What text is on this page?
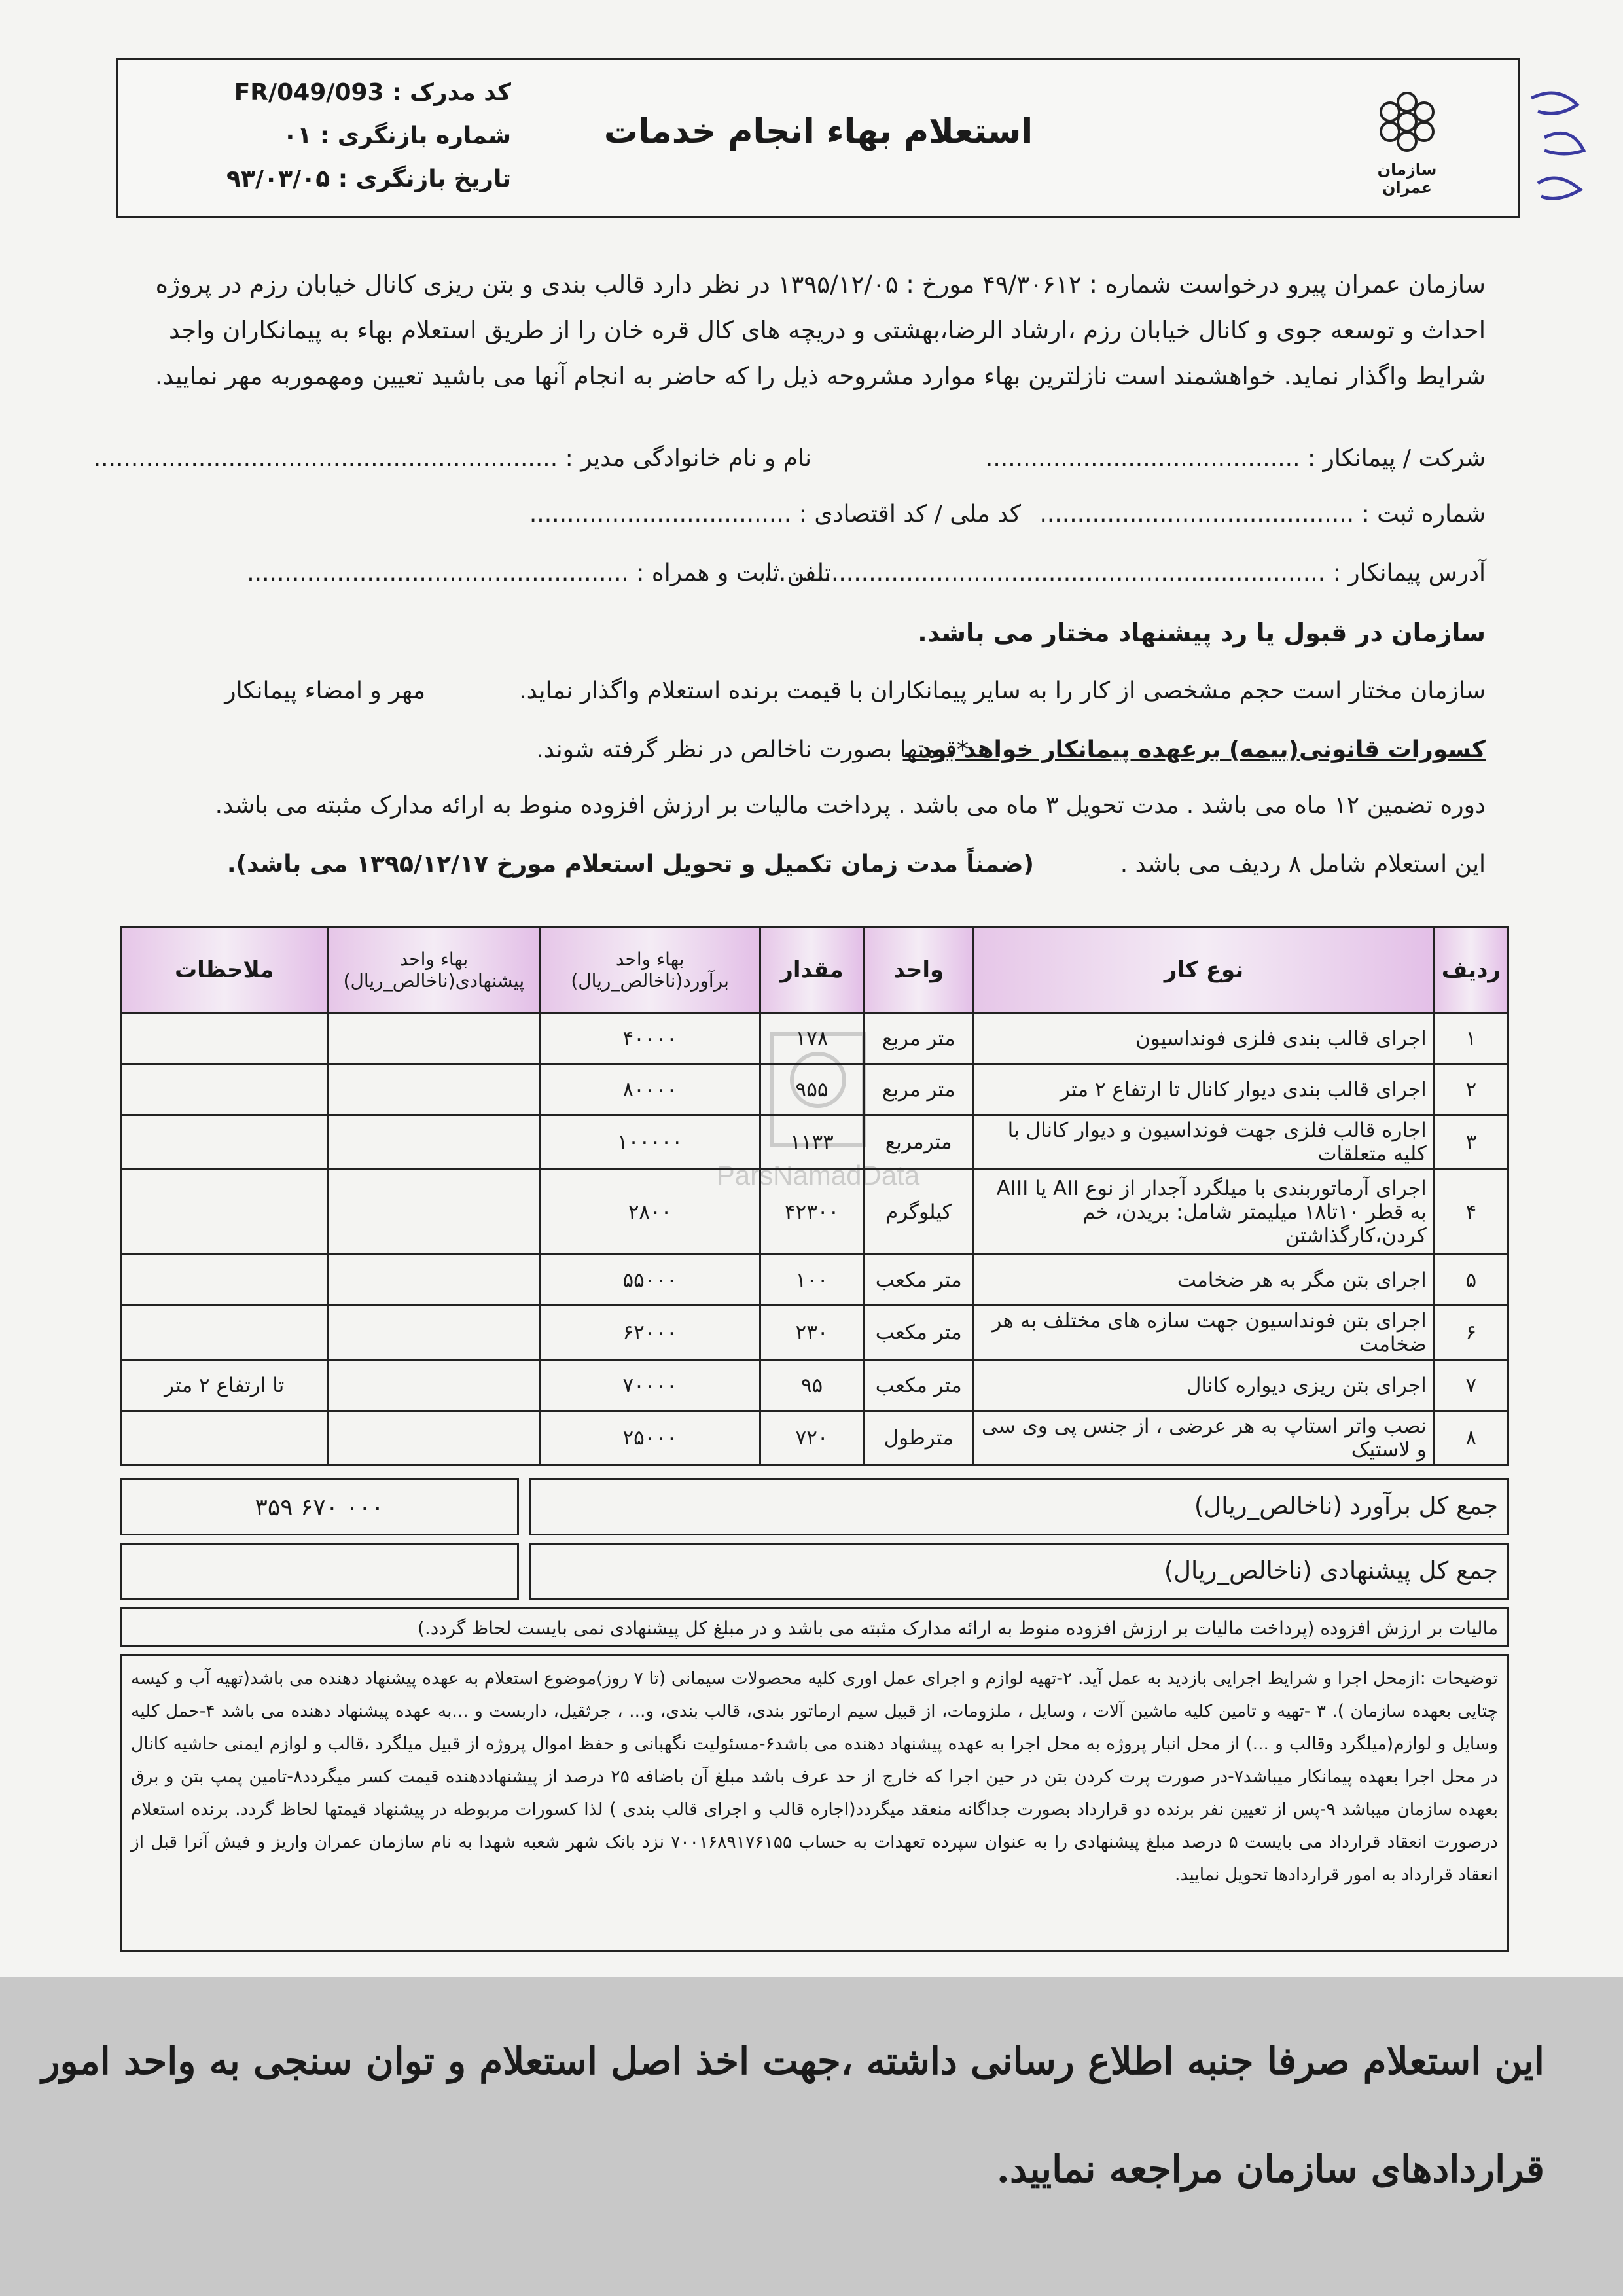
کد مدرک : FR/049/093
شماره بازنگری : ۰۱
تاریخ بازنگری : ۹۳/۰۳/۰۵
استعلام بهاء انجام خدمات
سازمان عمران
سازمان عمران پیرو درخواست شماره : ۴۹/۳۰۶۱۲ مورخ : ۱۳۹۵/۱۲/۰۵ در نظر دارد قالب بندی و بتن ریزی کانال خیابان رزم در پروژه احداث و توسعه جوی و کانال خیابان رزم ،ارشاد الرضا،بهشتی و دریچه های کال قره خان را از طریق استعلام بهاء به پیمانکاران واجد شرایط واگذار نماید. خواهشمند است نازلترین بهاء موارد مشروحه ذیل را که حاضر به انجام آنها می باشید تعیین ومهموربه مهر نمایید.
شرکت / پیمانکار : ..........................................
نام و نام خانوادگی مدیر : ..............................................................
شماره ثبت : ..........................................
کد ملی / کد اقتصادی : ...................................
آدرس پیمانکار : ...........................................................................
تلفن ثابت و همراه : ...................................................
سازمان در قبول یا رد پیشنهاد مختار می باشد.
سازمان مختار است حجم مشخصی از کار را به سایر پیمانکاران با قیمت برنده استعلام واگذار نماید.
مهر و امضاء پیمانکار
کسورات قانونی(بیمه) برعهده پیمانکار خواهد بود .
*قیمتها بصورت ناخالص در نظر گرفته شوند.
دوره تضمین ۱۲ ماه می باشد . مدت تحویل ۳ ماه می باشد . پرداخت مالیات بر ارزش افزوده منوط به ارائه مدارک مثبته می باشد.
این استعلام شامل ۸ ردیف می باشد .
(ضمناً مدت زمان تکمیل و تحویل استعلام مورخ ۱۳۹۵/۱۲/۱۷ می باشد).
ParsNamadData
ردیف	نوع کار	واحد	مقدار	بهاء واحد برآورد(ناخالص_ریال)	بهاء واحد پیشنهادی(ناخالص_ریال)	ملاحظات
۱	اجرای قالب بندی فلزی فونداسیون	متر مربع	۱۷۸	۴۰۰۰۰		
۲	اجرای قالب بندی دیوار کانال تا ارتفاع ۲ متر	متر مربع	۹۵۵	۸۰۰۰۰		
۳	اجاره قالب فلزی جهت فونداسیون و دیوار کانال با کلیه متعلقات	مترمربع	۱۱۳۳	۱۰۰۰۰۰		
۴	اجرای آرماتوربندی با میلگرد آجدار از نوع AII یا AIII به قطر ۱۰تا۱۸ میلیمتر شامل: بریدن، خم کردن،کارگذاشتن	کیلوگرم	۴۲۳۰۰	۲۸۰۰		
۵	اجرای بتن مگر به هر ضخامت	متر مکعب	۱۰۰	۵۵۰۰۰		
۶	اجرای بتن فونداسیون جهت سازه های مختلف به هر ضخامت	متر مکعب	۲۳۰	۶۲۰۰۰		
۷	اجرای بتن ریزی دیواره کانال	متر مکعب	۹۵	۷۰۰۰۰		تا ارتفاع ۲ متر
۸	نصب واتر استاپ به هر عرضی ، از جنس پی وی سی و لاستیک	مترطول	۷۲۰	۲۵۰۰۰		
۳۵۹ ۶۷۰ ۰۰۰	جمع کل برآورد (ناخالص_ریال)
جمع کل پیشنهادی (ناخالص_ریال)
مالیات بر ارزش افزوده (پرداخت مالیات بر ارزش افزوده منوط به ارائه مدارک مثبته می باشد و در مبلغ کل پیشنهادی نمی بایست لحاظ گردد.)
توضیحات :ازمحل اجرا و شرایط اجرایی بازدید به عمل آید. ۲-تهیه لوازم و اجرای عمل اوری کلیه محصولات سیمانی (تا ۷ روز)موضوع استعلام به عهده پیشنهاد دهنده می باشد(تهیه آب و کیسه چتایی بعهده سازمان ). ۳ -تهیه و تامین کلیه ماشین آلات ، وسایل ، ملزومات، از قبیل سیم ارماتور بندی، قالب بندی، و... ، جرثقیل، داربست و ...به عهده پیشنهاد دهنده می باشد ۴-حمل کلیه وسایل و لوازم(میلگرد وقالب و ...) از محل انبار پروژه به محل اجرا به عهده پیشنهاد دهنده می باشد۶-مسئولیت نگهبانی و حفظ اموال پروژه از قبیل میلگرد ،قالب و لوازم ایمنی حاشیه کانال در محل اجرا بعهده پیمانکار میباشد۷-در صورت پرت کردن بتن در حین اجرا که خارج از حد عرف باشد مبلغ آن باضافه ۲۵ درصد از پیشنهاددهنده قیمت کسر میگردد۸-تامین پمپ بتن و برق بعهده سازمان میباشد ۹-پس از تعیین نفر برنده دو قرارداد بصورت جداگانه منعقد میگردد(اجاره قالب و اجرای قالب بندی ) لذا کسورات مربوطه در پیشنهاد قیمتها لحاظ گردد. برنده استعلام درصورت انعقاد قرارداد می بایست ۵ درصد مبلغ پیشنهادی را به عنوان سپرده تعهدات به حساب ۷۰۰۱۶۸۹۱۷۶۱۵۵ نزد بانک شهر شعبه شهدا به نام سازمان عمران واریز و فیش آنرا قبل از انعقاد قرارداد به امور قراردادها تحویل نمایید.
این استعلام صرفا جنبه اطلاع رسانی داشته ،جهت اخذ اصل استعلام و توان سنجی به واحد امور
قراردادهای سازمان مراجعه نمایید.
